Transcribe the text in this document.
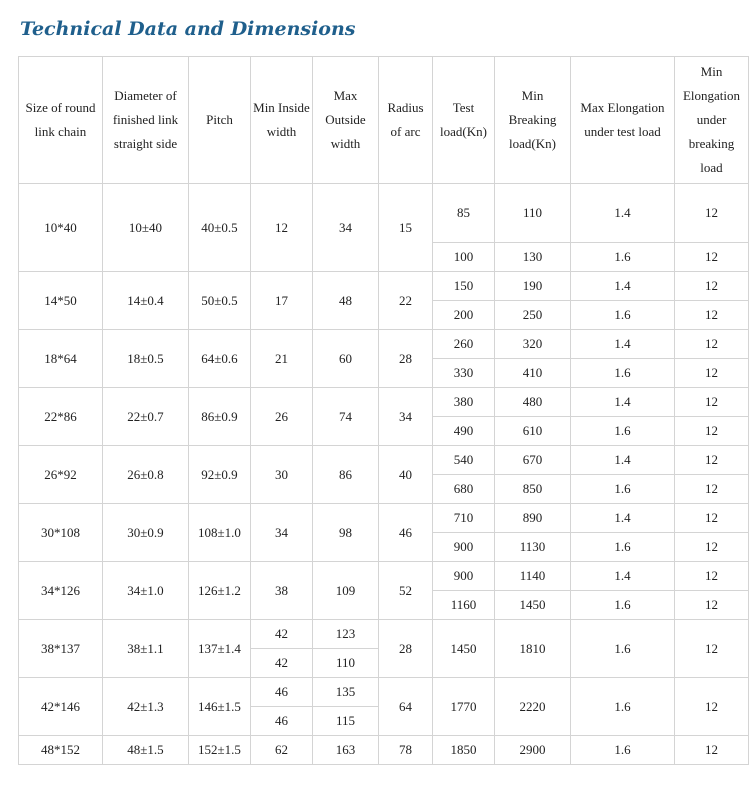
Technical Data and Dimensions
Size of round link chain	Diameter of finished link straight side	Pitch	Min Inside width	Max Outside width	Radius of arc	Test load(Kn)	Min Breaking load(Kn)	Max Elongation under test load	Min Elongation under breaking load
10*40	10±40	40±0.5	12	34	15	85	110	1.4	12
						100	130	1.6	12
14*50	14±0.4	50±0.5	17	48	22	150	190	1.4	12
						200	250	1.6	12
18*64	18±0.5	64±0.6	21	60	28	260	320	1.4	12
						330	410	1.6	12
22*86	22±0.7	86±0.9	26	74	34	380	480	1.4	12
						490	610	1.6	12
26*92	26±0.8	92±0.9	30	86	40	540	670	1.4	12
						680	850	1.6	12
30*108	30±0.9	108±1.0	34	98	46	710	890	1.4	12
						900	1130	1.6	12
34*126	34±1.0	126±1.2	38	109	52	900	1140	1.4	12
						1160	1450	1.6	12
38*137	38±1.1	137±1.4	42	123	28	1450	1810	1.6	12
			42	110					
42*146	42±1.3	146±1.5	46	135	64	1770	2220	1.6	12
			46	115					
48*152	48±1.5	152±1.5	62	163	78	1850	2900	1.6	12
